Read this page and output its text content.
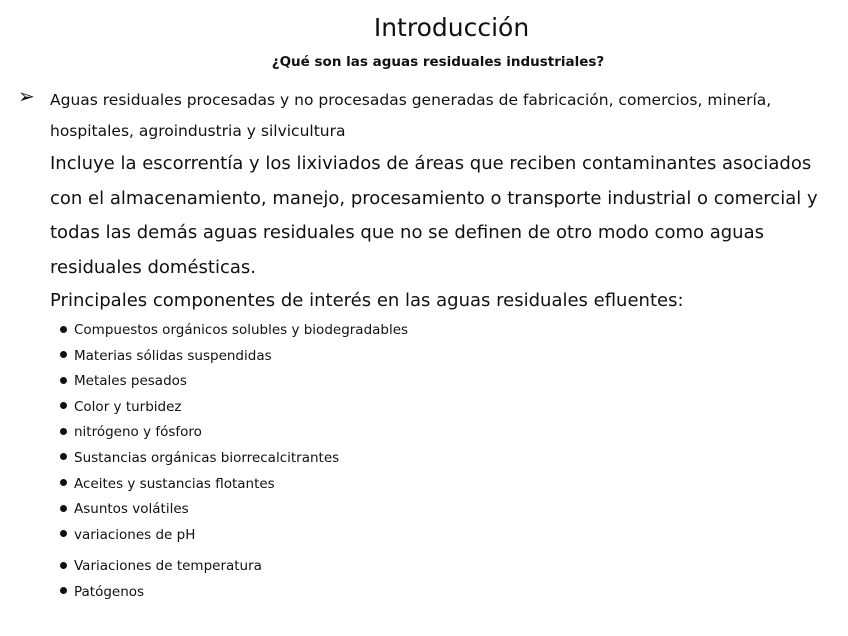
Introducción
¿Qué son las aguas residuales industriales?
➢ Aguas residuales procesadas y no procesadas generadas de fabricación, comercios, minería, hospitales, agroindustria y silvicultura
Incluye la escorrentía y los lixiviados de áreas que reciben contaminantes asociados con el almacenamiento, manejo, procesamiento o transporte industrial o comercial y todas las demás aguas residuales que no se definen de otro modo como aguas residuales domésticas.
Principales componentes de interés en las aguas residuales efluentes:
Compuestos orgánicos solubles y biodegradables
Materias sólidas suspendidas
Metales pesados
Color y turbidez
nitrógeno y fósforo
Sustancias orgánicas biorrecalcitrantes
Aceites y sustancias flotantes
Asuntos volátiles
variaciones de pH
Variaciones de temperatura
Patógenos
